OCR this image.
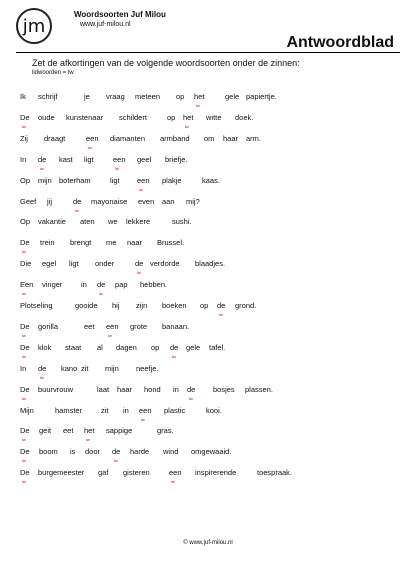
jm
Woordsoorten Juf Milou
www.juf-milou.nl
Antwoordblad
Zet de afkortingen van de volgende woordsoorten onder de zinnen:
lidwoorden = lw
Ik schrijf	je vraag meteen op het
lw
gele papiertje.
De
lw
oude kunstenaar schildert	op het
lw
witte doek.
Zij draagt	een
lw
diamanten armband om haar arm.
In de
lw
kast ligt	een
lw
geel briefje.
Op mijn boterham	ligt een
lw
plakje	kaas.
Geef jij	de
lw
mayonaise even aan mij?
Op vakantie aten we lekkere	sushi.
De
lw
trein brengt me naar Brussel.
Die egel ligt onder	de
lw
verdorde blaadjes.
Een
lw
vinger in de
lw
pap hebben.
Plotseling	gooide hij zijn boeken op de
lw
grond.
De
lw
gorilla	eet een
lw
grote banaan.
De
lw
klok staat al dagen op de
lw
gele tafel.
In de
lw
kano zit mijn neefje.
De
lw
buurvrouw	laat haar hond in de
lw
bosjes plassen.
Mijn	hamster	zit in een
lw
plastic	kooi.
De
lw
geit eet het
lw
sappige	gras.
De
lw
boom is door de
lw
harde wind omgewaaid.
De
lw
burgemeester gaf gisteren	een
lw
inspirerende	toespraak.
© www.juf-milou.nl
